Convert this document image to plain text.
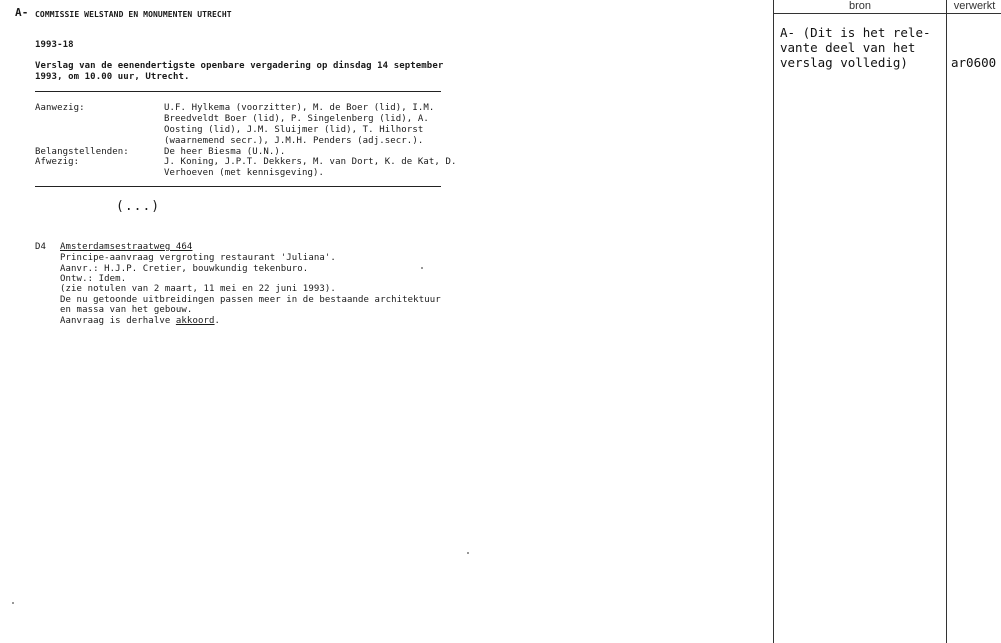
A- COMMISSIE WELSTAND EN MONUMENTEN UTRECHT
1993-18
Verslag van de eenendertigste openbare vergadering op dinsdag 14 september
1993, om 10.00 uur, Utrecht.
Aanwezig:	U.F. Hylkema (voorzitter), M. de Boer (lid), I.M.
Breedveldt Boer (lid), P. Singelenberg (lid), A.
Oosting (lid), J.M. Sluijmer (lid), T. Hilhorst
(waarnemend secr.), J.M.H. Penders (adj.secr.).
Belangstellenden:	De heer Biesma (U.N.).
Afwezig:	J. Koning, J.P.T. Dekkers, M. van Dort, K. de Kat, D.
Verhoeven (met kennisgeving).
(...)
D4 Amsterdamsestraatweg 464
Principe-aanvraag vergroting restaurant 'Juliana'.
Aanvr.: H.J.P. Cretier, bouwkundig tekenburo.
Ontw.: Idem.
(zie notulen van 2 maart, 11 mei en 22 juni 1993).
De nu getoonde uitbreidingen passen meer in de bestaande architektuur
en massa van het gebouw.
Aanvraag is derhalve akkoord.
bron	verwerkt
A- (Dit is het rele-
vante deel van het
verslag volledig)	ar0600
